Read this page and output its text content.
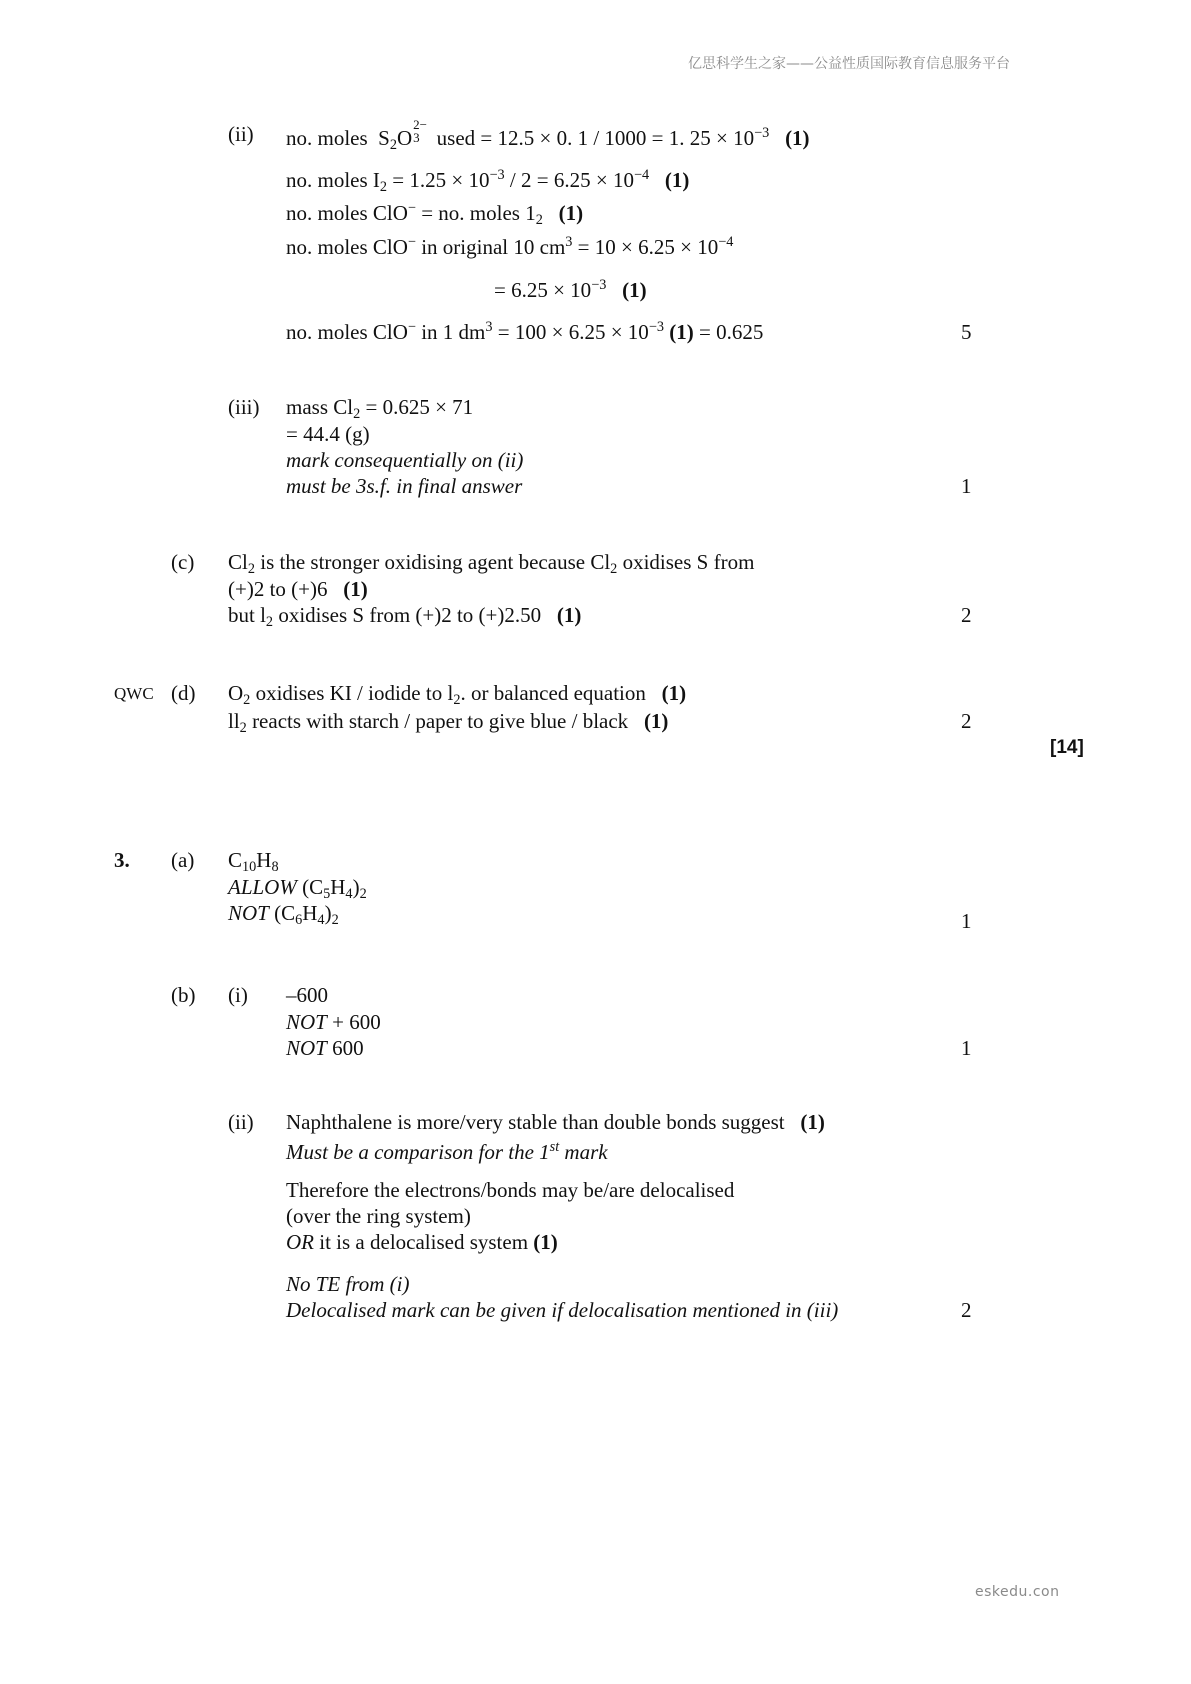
亿思科学生之家——公益性质国际教育信息服务平台
eskedu.con
(ii) no. moles $S_2O$
2−
3 used = 12.5 × 0. 1 / 1000 = 1. $25 \times 10^{-3}$ (1)
no. moles $I_2 = 1.25 \times 10^{-3} / 2 = 6.25 \times 10^{-4}$ (1)
no. moles ClO− = no. moles $1_2$ (1)
no. moles ClO− in original 10 $cm^3 = 10 \times 6.25 \times 10^{-4}$
= $6.25 \times 10^{-3}$ (1)
no. moles ClO− in 1 $dm^3 = 100 \times 6.25 \times 10^{-3}$ (1) = 0.625	5
(iii) mass $Cl_2 = 0.625 \times 71$
= 44.4 (g)
mark consequentially on (ii)
must be 3s.f. in final answer	1
(c) $Cl_2$ is the stronger oxidising agent because $Cl_2$ oxidises S from
(+)2 to (+)6 (1)
but $l_2$ oxidises S from (+)2 to (+)2.50 (1)	2
QWC (d) $O_2$ oxidises KI / iodide to $l_2$. or balanced equation (1)
$ll_2$ reacts with starch / paper to give blue / black (1)	2
[14]
3. (a) $C_{10}H_8$
ALLOW $(C_5H_4)_2$
NOT $(C_6H_4)_2$	1
(b) (i) –600
NOT + 600
NOT 600	1
(ii) Naphthalene is more/very stable than double bonds suggest (1)
Must be a comparison for the 1st mark
Therefore the electrons/bonds may be/are delocalised
(over the ring system)
OR it is a delocalised system (1)
No TE from (i)
Delocalised mark can be given if delocalisation mentioned in (iii)	2
